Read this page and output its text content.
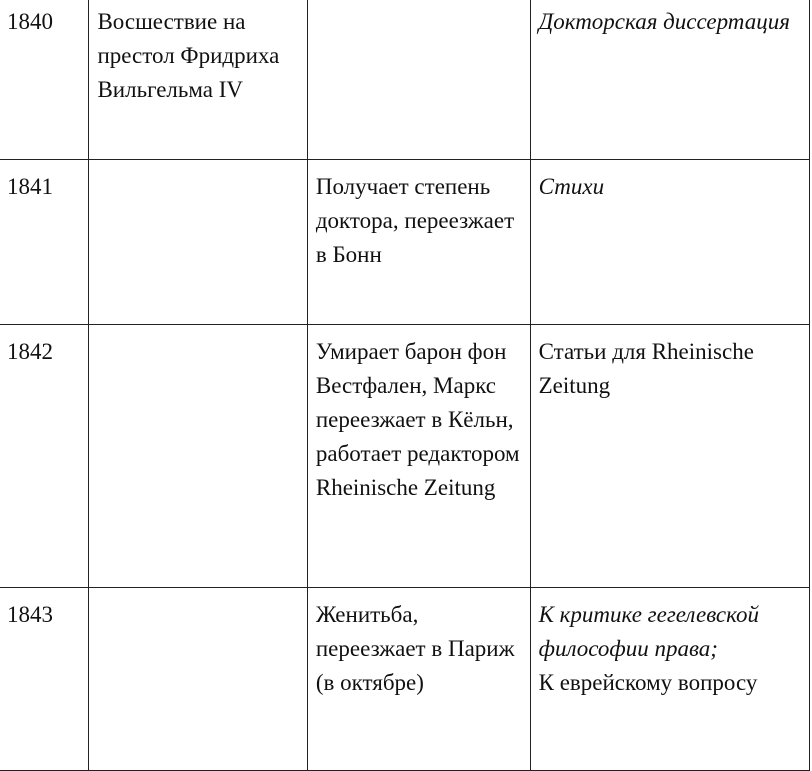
1840	Восшествие на престол Фридриха Вильгельма IV		Докторская диссертация

1841		Получает степень доктора, переезжает в Бонн	Стихи

1842		Умирает барон фон Вестфален, Маркс переезжает в Кёльн, работает редактором Rheinische Zeitung	Статьи для Rheinische Zeitung

1843		Женитьба, переезжает в Париж (в октябре)	К критике гегелевской философии права;
К еврейскому вопросу
